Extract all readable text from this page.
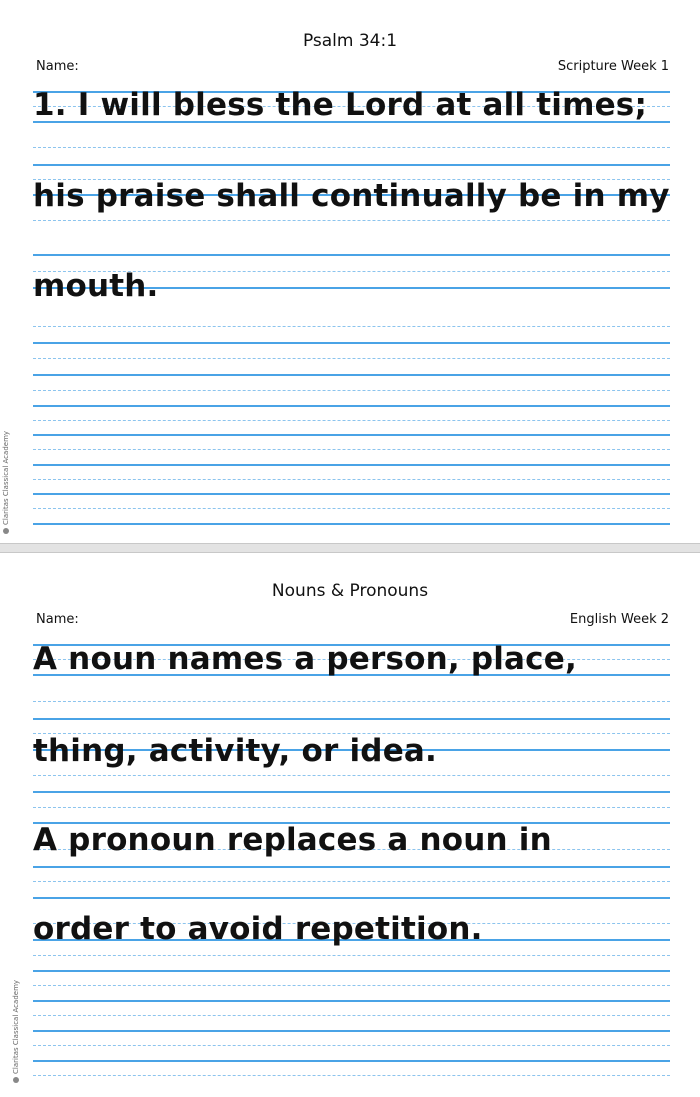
Psalm 34:1
Name:	Scripture Week 1
1. I will bless the Lord at all times;
his praise shall continually be in my
mouth.
Claritas Classical Academy
Nouns & Pronouns
Name:	English Week 2
A noun names a person, place,
thing, activity, or idea.
A pronoun replaces a noun in
order to avoid repetition.
Claritas Classical Academy
